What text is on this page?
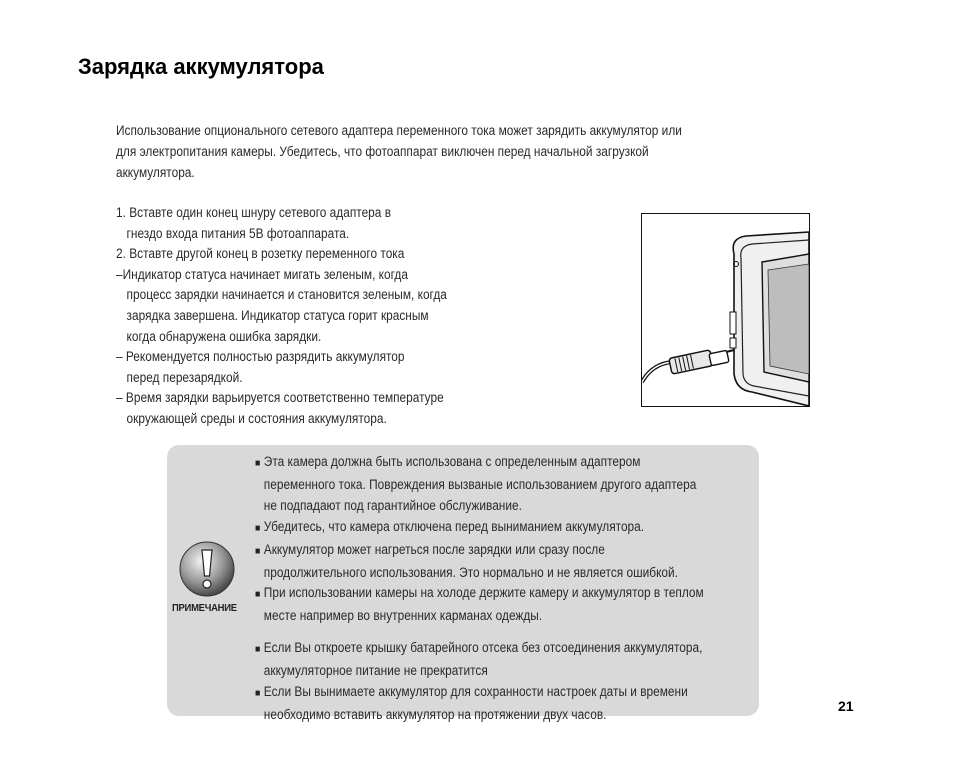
Зарядка аккумулятора
Использование опционального сетевого адаптера переменного тока может зарядить аккумулятор или
для электропитания камеры. Убедитесь, что фотоаппарат виключен перед начальной загрузкой
аккумулятора.
1. Вставте один конец шнуру сетевого адаптера в
гнездо входа питания 5В фотоаппарата.
2. Вставте другой конец в розетку переменного тока
–Индикатор статуса начинает мигать зеленым, когда
процесс зарядки начинается и становится зеленым, когда
зарядка завершена. Индикатор статуса горит красным
когда обнаружена ошибка зарядки.
– Рекомендуется полностью разрядить аккумулятор
перед перезарядкой.
– Время зарядки варьируется соответственно температуре
окружающей среды и состояния аккумулятора.
ПРИМЕЧАНИЕ
■ Эта камера должна быть использована с определенным адаптером
переменного тока. Повреждения вызваные использованием другого адаптера
не подпадают под гарантийное обслуживание.
■ Убедитесь, что камера отключена перед выниманием аккумулятора.
■ Аккумулятор может нагреться после зарядки или сразу после
продолжительного использования. Это нормально и не является ошибкой.
■ При использовании камеры на холоде держите камеру и аккумулятор в теплом
месте например во внутренних карманах одежды.
■ Если Вы откроете крышку батарейного отсека без отсоединения аккумулятора,
аккумуляторное питание не прекратится
■ Если Вы вынимаете аккумулятор для сохранности настроек даты и времени
необходимо вставить аккумулятор на протяжении двух часов.
21
